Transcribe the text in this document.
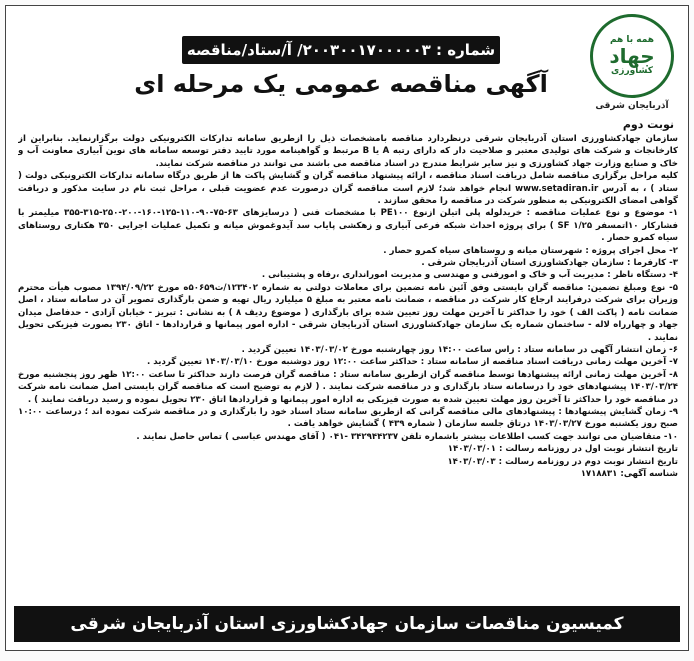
همه با هم
جهاد
کشاورزی
آذربایجان شرقی
شماره : ۲۰۰۳۰۰۱۷۰۰۰۰۰۳/ آ/ستاد/مناقصه
آگهی مناقصه عمومی یک مرحله ای
نوبت دوم

سازمان جهادکشاورزی استان آذربایجان شرقی درنظردارد مناقصه بامشخصات ذیل را ازطریق سامانه تدارکات الکترونیکی دولت برگزارنماید. بنابراین از کارخانجات و شرکت های تولیدی معتبر و صلاحیت دار که دارای رتبه A یا B مرتبط و گواهینامه مورد تایید دفتر توسعه سامانه های نوین آبیاری معاونت آب و خاک و صنایع وزارت جهاد کشاورزی و نیز سایر شرایط مندرج در اسناد مناقصه می باشند می توانند در مناقصه شرکت نمایند.

کلیه مراحل برگزاری مناقصه شامل دریافت اسناد مناقصه ، ارائه پیشنهاد مناقصه گران و گشایش پاکت ها از طریق درگاه سامانه تدارکات الکترونیکی دولت ( ستاد ) ، به آدرس www.setadiran.ir انجام خواهد شد؛ لازم است مناقصه گران درصورت عدم عضویت قبلی ، مراحل ثبت نام در سایت مذکور و دریافت گواهی امضای الکترونیکی به منظور شرکت در مناقصه را محقق سازند .

۱- موضوع و نوع عملیات مناقصه : خریدلوله پلی اتیلن ازنوع PE۱۰۰ با مشخصات فنی ( درسایزهای ۶۳-۷۵-۹۰-۱۱۰-۱۲۵-۱۶۰-۲۰۰-۲۵۰-۳۱۵-۳۵۵ میلیمتر با فشارکار ۱۰اتمسفر SF ۱/۲۵ ) برای پروژه احداث شبکه فرعی آبیاری و زهکشی پایاب سد آیدوغموش میانه و تکمیل عملیات اجرایی ۳۵۰ هکتاری روستاهای سیاه کمرو حصار .

۲- محل اجرای پروژه : شهرستان میانه و روستاهای سیاه کمرو حصار .

۳- کارفرما : سازمان جهادکشاورزی استان آذربایجان شرقی .

۴- دستگاه ناظر : مدیریت آب و خاک و امورفنی و مهندسی و مدیریت امورانداری ،رفاه و پشتیبانی .

۵- نوع ومبلغ تضمین: مناقصه گران بایستی وفق آئین نامه تضمین برای معاملات دولتی به شماره ۱۲۳۴۰۲/ت۵۰۶۵۹ه مورخ ۱۳۹۴/۰۹/۲۲ مصوب هیأت محترم وزیران برای شرکت درفرایند ارجاع کار شرکت در مناقصه ، ضمانت نامه معتبر به مبلغ ۵ میلیارد ریال تهیه و ضمن بارگذاری تصویر آن در سامانه ستاد ، اصل ضمانت نامه ( پاکت الف ) خود را حداکثر تا آخرین مهلت روز تعیین شده برای بارگذاری ( موضوع ردیف ۸ ) به نشانی : تبریز - خیابان آزادی - حدفاصل میدان جهاد و چهارراه لاله - ساختمان شماره یک سازمان جهادکشاورزی استان آذربایجان شرقی - اداره امور پیمانها و قراردادها - اتاق ۲۳۰ بصورت فیزیکی تحویل نمایند .

۶- زمان انتشار آگهی در سامانه ستاد : راس ساعت ۱۴:۰۰ روز چهارشنبه مورخ ۱۴۰۳/۰۳/۰۲ تعیین گردید .

۷- آخرین مهلت زمانی دریافت اسناد مناقصه از سامانه ستاد : حداکثر ساعت ۱۲:۰۰ روز دوشنبه مورخ ۱۴۰۳/۰۳/۱۰ تعیین گردید .

۸- آخرین مهلت زمانی ارائه پیشنهادها توسط مناقصه گران ازطریق سامانه ستاد : مناقصه گران فرصت دارند حداکثر تا ساعت ۱۲:۰۰ ظهر روز پنجشنبه مورخ ۱۴۰۳/۰۳/۲۴ پیشنهادهای خود را درسامانه ستاد بارگذاری و در مناقصه شرکت نمایند . ( لازم به توضیح است که مناقصه گران بایستی اصل ضمانت نامه شرکت در مناقصه خود را حداکثر تا آخرین روز مهلت تعیین شده به صورت فیزیکی به اداره امور پیمانها و قراردادها اتاق ۲۳۰ تحویل نموده و رسید دریافت نمایند ) .

۹- زمان گشایش پیشنهادها : پیشنهادهای مالی مناقصه گرانی که ازطریق سامانه ستاد اسناد خود را بارگذاری و در مناقصه شرکت نموده اند ؛ درساعت ۱۰:۰۰ صبح روز یکشنبه مورخ ۱۴۰۳/۰۳/۲۷ درتاق جلسه سازمان ( شماره ۴۳۹ ) گشایش خواهد یافت .

۱۰- متقاضیان می توانند جهت کسب اطلاعات بیشتر باشماره تلفن ۳۴۲۹۴۴۲۳۷ -۰۴۱ ( آقای مهندس عباسی ) تماس حاصل نمایند .

تاریخ انتشار نوبت اول در روزنامه رسالت : ۱۴۰۳/۰۳/۰۱

تاریخ انتشار نوبت دوم در روزنامه رسالت : ۱۴۰۳/۰۳/۰۳

شناسه آگهی: ۱۷۱۸۸۳۱

کمیسیون مناقصات سازمان جهادکشاورزی استان آذربایجان شرقی
